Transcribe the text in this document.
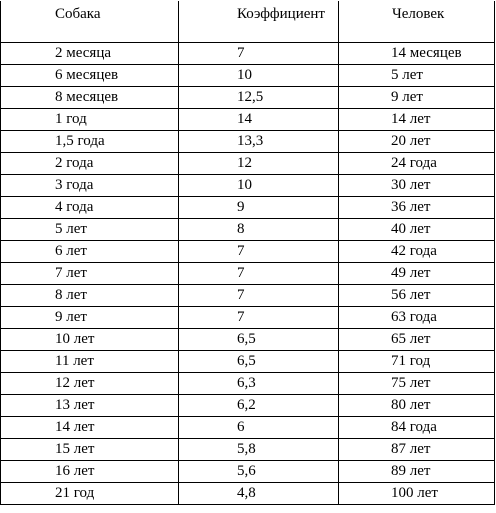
Собака	Коэффициент	Человек

2 месяца	7	14 месяцев

6 месяцев	10	5 лет

8 месяцев	12,5	9 лет

1 год	14	14 лет

1,5 года	13,3	20 лет

2 года	12	24 года

3 года	10	30 лет

4 года	9	36 лет

5 лет	8	40 лет

6 лет	7	42 года

7 лет	7	49 лет

8 лет	7	56 лет

9 лет	7	63 года

10 лет	6,5	65 лет

11 лет	6,5	71 год

12 лет	6,3	75 лет

13 лет	6,2	80 лет

14 лет	6	84 года

15 лет	5,8	87 лет

16 лет	5,6	89 лет

21 год	4,8	100 лет
